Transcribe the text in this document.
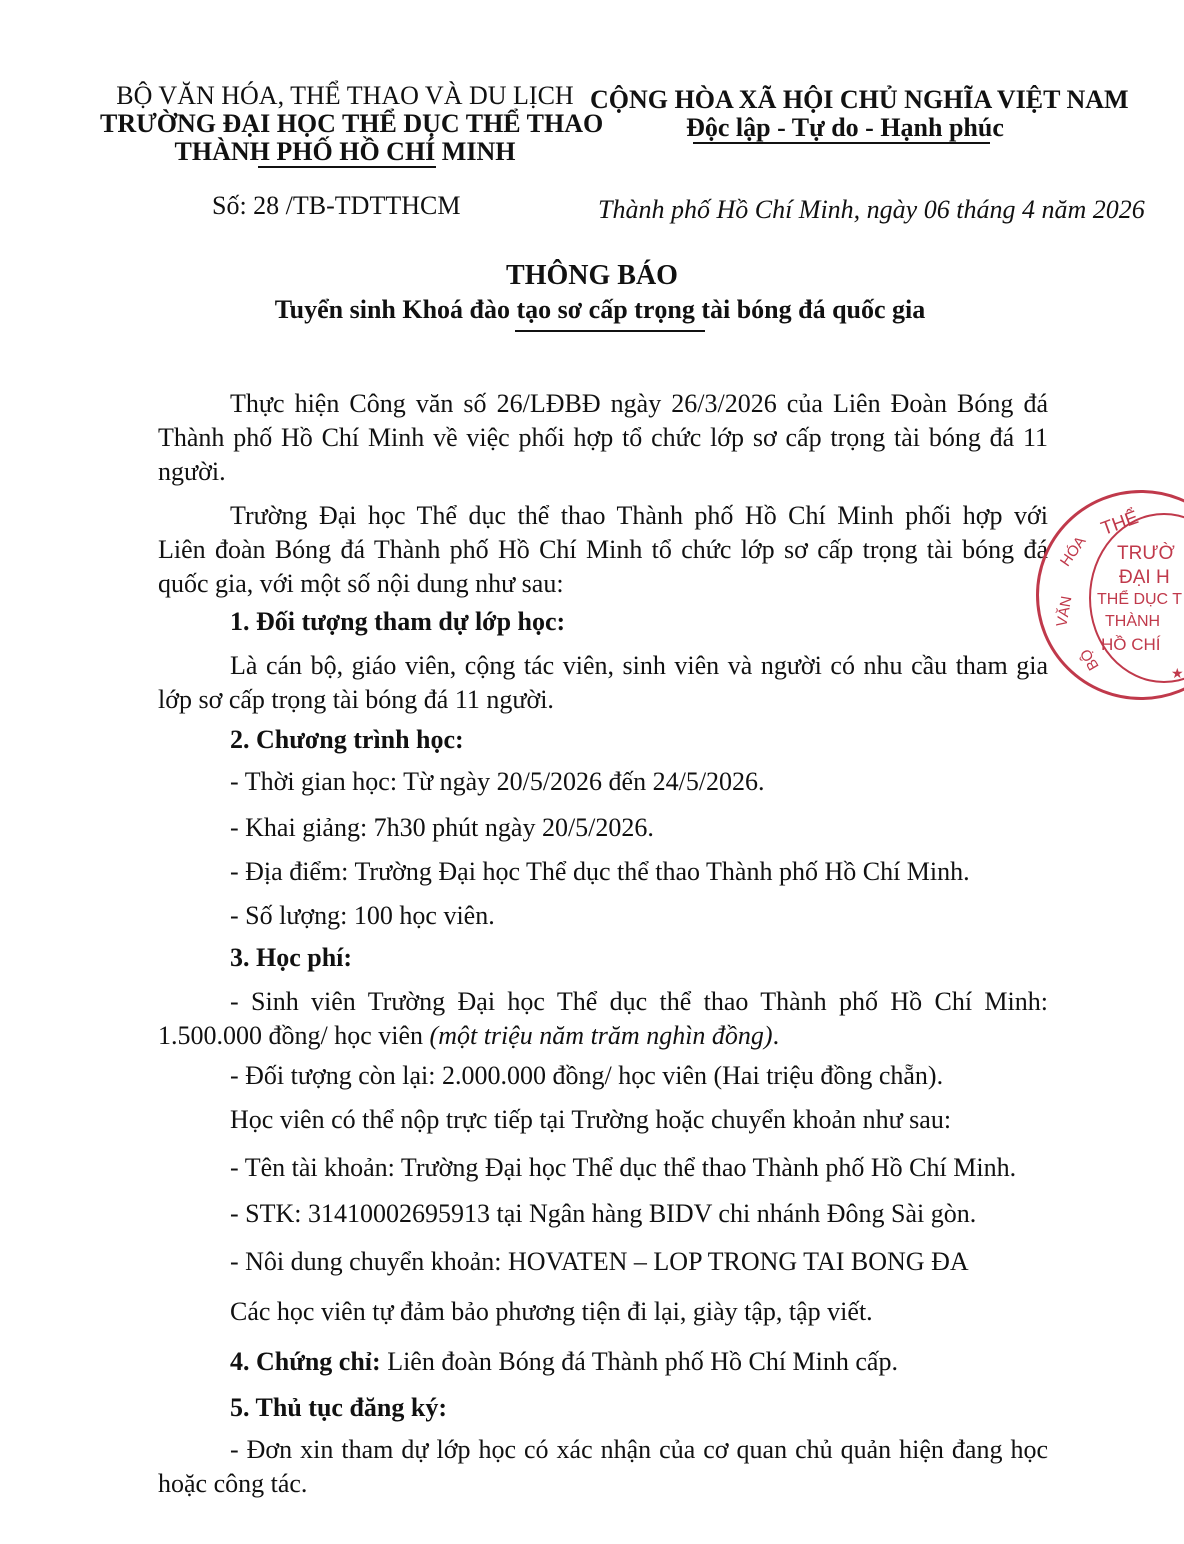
BỘ VĂN HÓA, THỂ THAO VÀ DU LỊCH
TRƯỜNG ĐẠI HỌC THỂ DỤC THỂ THAO
THÀNH PHỐ HỒ CHÍ MINH
CỘNG HÒA XÃ HỘI CHỦ NGHĨA VIỆT NAM
Độc lập - Tự do - Hạnh phúc
Số: 28 /TB-TDTTHCM	Thành phố Hồ Chí Minh, ngày 06 tháng 4 năm 2026
THÔNG BÁO
Tuyển sinh Khoá đào tạo sơ cấp trọng tài bóng đá quốc gia
Thực hiện Công văn số 26/LĐBĐ ngày 26/3/2026 của Liên Đoàn Bóng đá
Thành phố Hồ Chí Minh về việc phối hợp tổ chức lớp sơ cấp trọng tài bóng đá 11
người.
Trường Đại học Thể dục thể thao Thành phố Hồ Chí Minh phối hợp với
Liên đoàn Bóng đá Thành phố Hồ Chí Minh tổ chức lớp sơ cấp trọng tài bóng đá
quốc gia, với một số nội dung như sau:
1. Đối tượng tham dự lớp học:
Là cán bộ, giáo viên, cộng tác viên, sinh viên và người có nhu cầu tham gia
lớp sơ cấp trọng tài bóng đá 11 người.
2. Chương trình học:
- Thời gian học: Từ ngày 20/5/2026 đến 24/5/2026.
- Khai giảng: 7h30 phút ngày 20/5/2026.
- Địa điểm: Trường Đại học Thể dục thể thao Thành phố Hồ Chí Minh.
- Số lượng: 100 học viên.
3. Học phí:
- Sinh viên Trường Đại học Thể dục thể thao Thành phố Hồ Chí Minh:
1.500.000 đồng/ học viên (một triệu năm trăm nghìn đồng).
- Đối tượng còn lại: 2.000.000 đồng/ học viên (Hai triệu đồng chẵn).
Học viên có thể nộp trực tiếp tại Trường hoặc chuyển khoản như sau:
- Tên tài khoản: Trường Đại học Thể dục thể thao Thành phố Hồ Chí Minh.
- STK: 31410002695913 tại Ngân hàng BIDV chi nhánh Đông Sài gòn.
- Nôi dung chuyển khoản: HOVATEN – LOP TRONG TAI BONG ĐA
Các học viên tự đảm bảo phương tiện đi lại, giày tập, tập viết.
4. Chứng chỉ: Liên đoàn Bóng đá Thành phố Hồ Chí Minh cấp.
5. Thủ tục đăng ký:
- Đơn xin tham dự lớp học có xác nhận của cơ quan chủ quản hiện đang học
hoặc công tác.
THỂ
TRƯỜ
ĐẠI H
THỂ DỤC T
THÀNH
HỒ CHÍ
VĂN
HÓA
BỘ	★
